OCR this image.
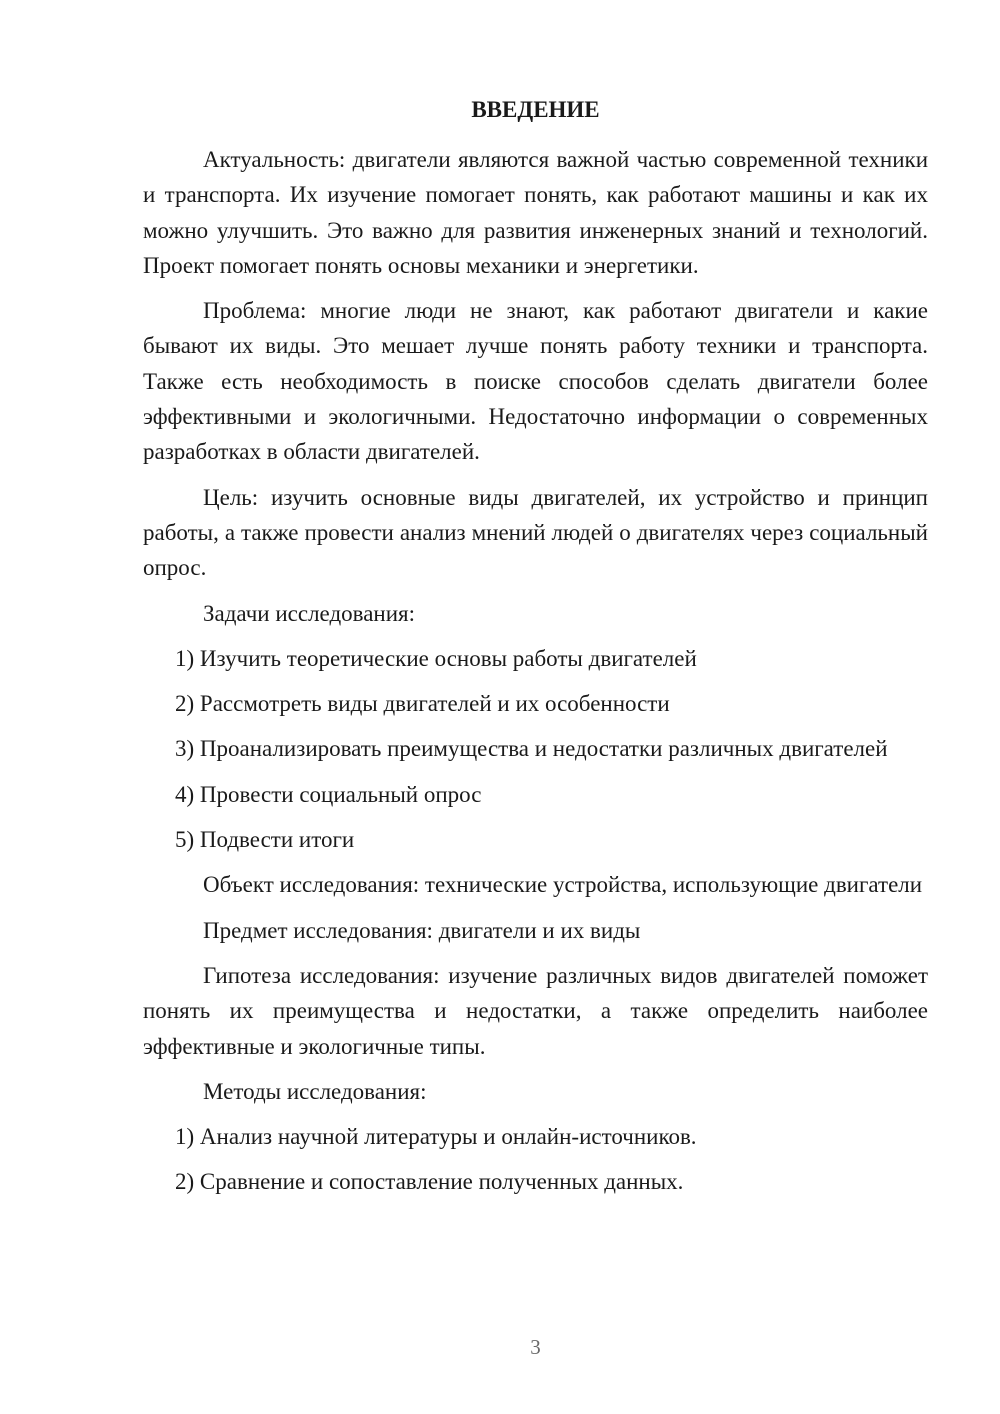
ВВЕДЕНИЕ

Актуальность: двигатели являются важной частью современной техники и транспорта. Их изучение помогает понять, как работают машины и как их можно улучшить. Это важно для развития инженерных знаний и технологий. Проект помогает понять основы механики и энергетики.

Проблема: многие люди не знают, как работают двигатели и какие бывают их виды. Это мешает лучше понять работу техники и транспорта. Также есть необходимость в поиске способов сделать двигатели более эффективными и экологичными. Недостаточно информации о современных разработках в области двигателей.

Цель: изучить основные виды двигателей, их устройство и принцип работы, а также провести анализ мнений людей о двигателях через социальный опрос.

Задачи исследования:

1) Изучить теоретические основы работы двигателей

2) Рассмотреть виды двигателей и их особенности

3) Проанализировать преимущества и недостатки различных двигателей

4) Провести социальный опрос

5) Подвести итоги

Объект исследования: технические устройства, использующие двигатели

Предмет исследования: двигатели и их виды

Гипотеза исследования: изучение различных видов двигателей поможет понять их преимущества и недостатки, а также определить наиболее эффективные и экологичные типы.

Методы исследования:

1) Анализ научной литературы и онлайн-источников.

2) Сравнение и сопоставление полученных данных.

3
